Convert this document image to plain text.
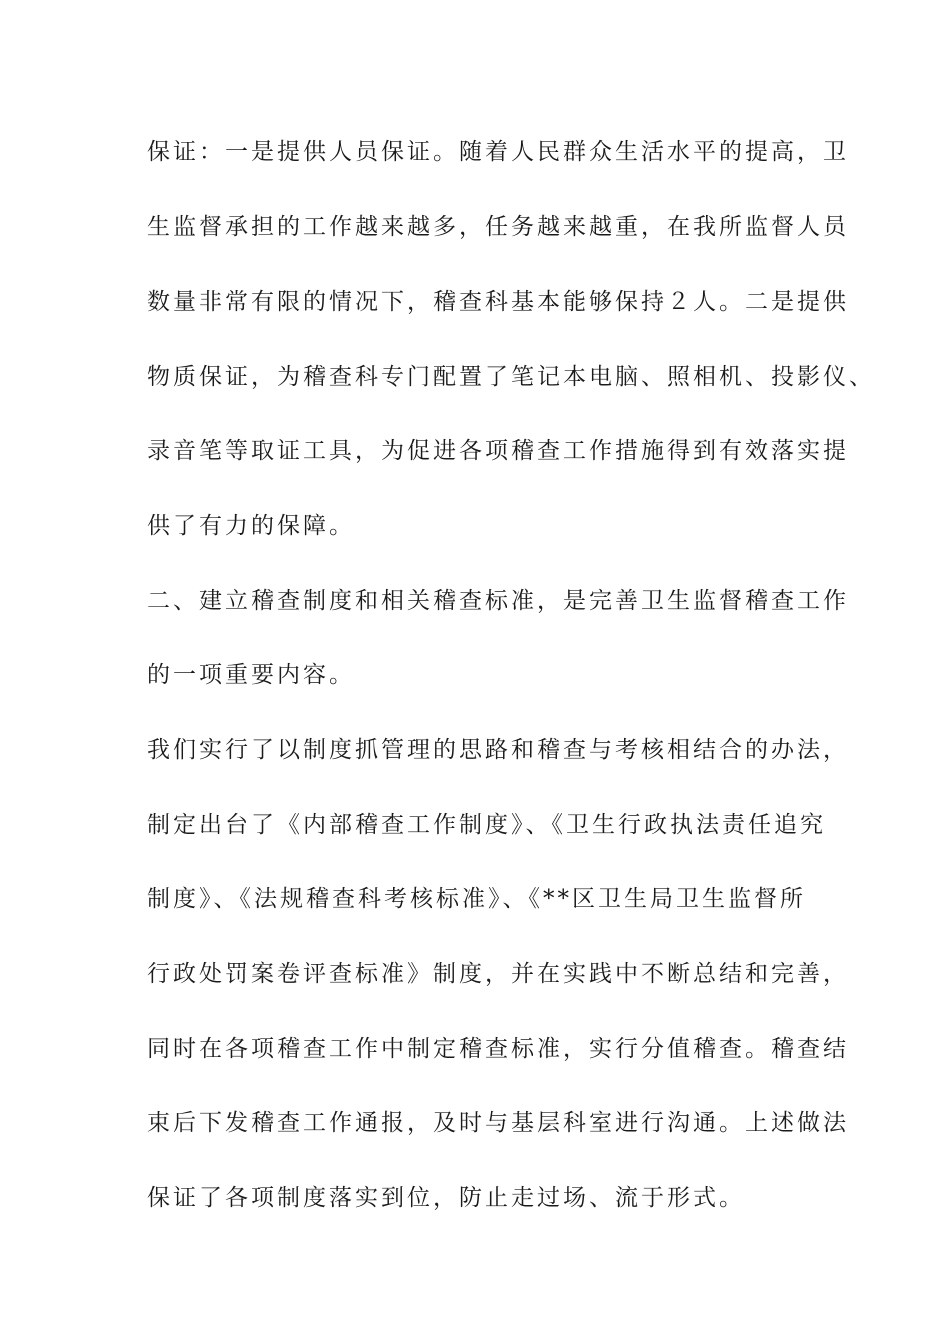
保证：一是提供人员保证。随着人民群众生活水平的提高，卫
生监督承担的工作越来越多，任务越来越重，在我所监督人员
数量非常有限的情况下，稽查科基本能够保持２人。二是提供
物质保证，为稽查科专门配置了笔记本电脑、照相机、投影仪、
录音笔等取证工具，为促进各项稽查工作措施得到有效落实提
供了有力的保障。
二、建立稽查制度和相关稽查标准，是完善卫生监督稽查工作
的一项重要内容。
我们实行了以制度抓管理的思路和稽查与考核相结合的办法，
制定出台了《内部稽查工作制度》、《卫生行政执法责任追究
制度》、《法规稽查科考核标准》、《**区卫生局卫生监督所
行政处罚案卷评查标准》制度，并在实践中不断总结和完善，
同时在各项稽查工作中制定稽查标准，实行分值稽查。稽查结
束后下发稽查工作通报，及时与基层科室进行沟通。上述做法
保证了各项制度落实到位，防止走过场、流于形式。
